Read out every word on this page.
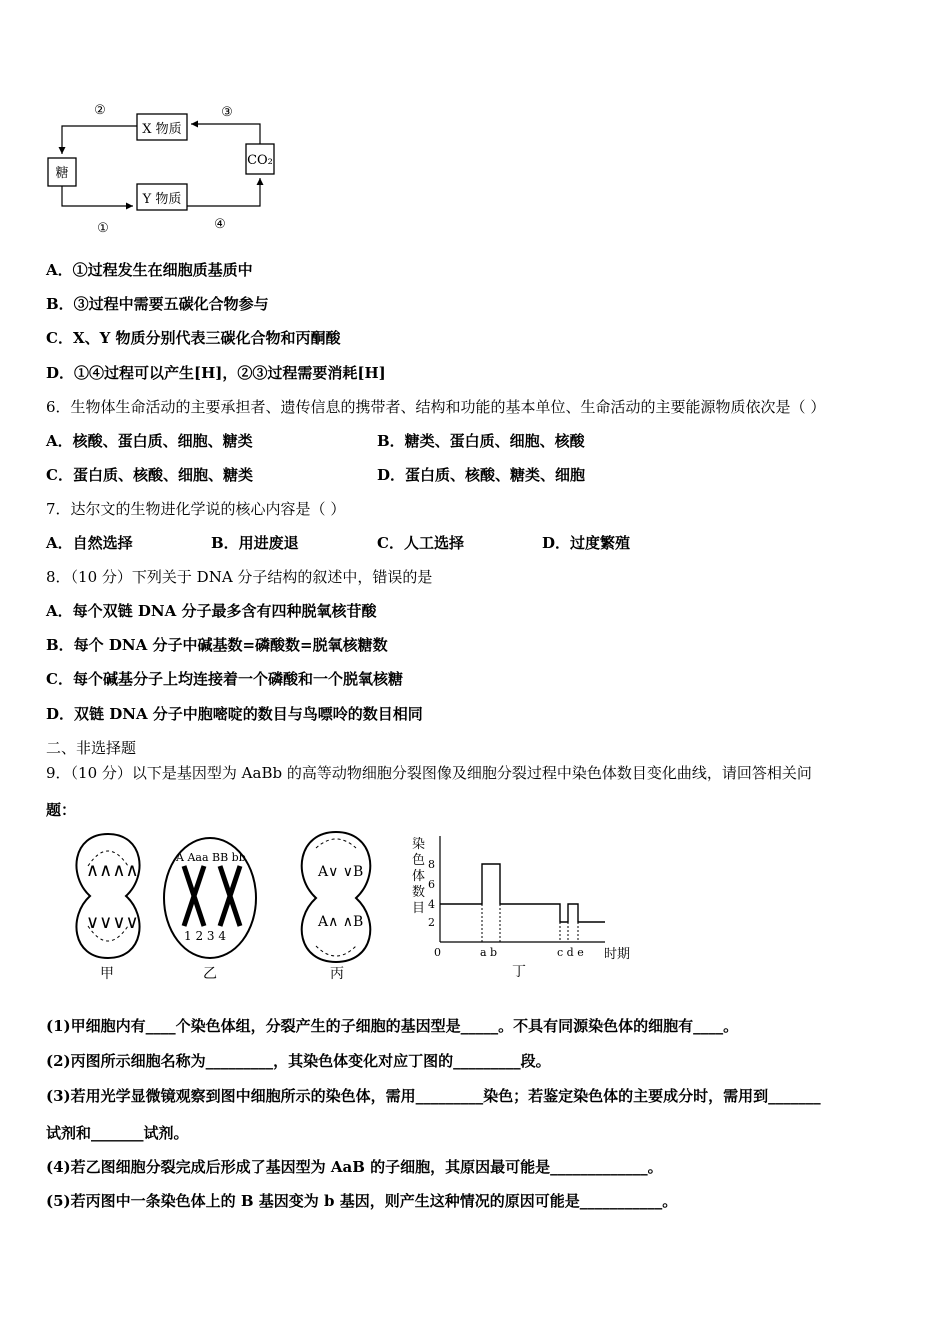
X 物质
糖
Y 物质
CO₂
②	③
①	④
A．①过程发生在细胞质基质中
B．③过程中需要五碳化合物参与
C．X、Y 物质分别代表三碳化合物和丙酮酸
D．①④过程可以产生[H]，②③过程需要消耗[H]
6．生物体生命活动的主要承担者、遗传信息的携带者、结构和功能的基本单位、生命活动的主要能源物质依次是（ ）
A．核酸、蛋白质、细胞、糖类	B．糖类、蛋白质、细胞、核酸
C．蛋白质、核酸、细胞、糖类	D．蛋白质、核酸、糖类、细胞
7．达尔文的生物进化学说的核心内容是（ ）
A．自然选择	B．用进废退	C．人工选择	D．过度繁殖
8．（10 分）下列关于 DNA 分子结构的叙述中，错误的是
A．每个双链 DNA 分子最多含有四种脱氧核苷酸
B．每个 DNA 分子中碱基数=磷酸数=脱氧核糖数
C．每个碱基分子上均连接着一个磷酸和一个脱氧核糖
D．双链 DNA 分子中胞嘧啶的数目与鸟嘌呤的数目相同
二、非选择题
9．（10 分）以下是基因型为 AaBb 的高等动物细胞分裂图像及细胞分裂过程中染色体数目变化曲线，请回答相关问
题：
∧∧∧∧
∨∨∨∨
甲
A Aaa BB bb
1 2 3 4
乙
A∨ ∨B
A∧ ∧B
丙
染 色 体 数 目
8
6
4
2
0	a b	c d e 时期
丁
(1)甲细胞内有____个染色体组，分裂产生的子细胞的基因型是_____。不具有同源染色体的细胞有____。
(2)丙图所示细胞名称为_________，其染色体变化对应丁图的_________段。
(3)若用光学显微镜观察到图中细胞所示的染色体，需用_________染色；若鉴定染色体的主要成分时，需用到_______
试剂和_______试剂。
(4)若乙图细胞分裂完成后形成了基因型为 AaB 的子细胞，其原因最可能是_____________。
(5)若丙图中一条染色体上的 B 基因变为 b 基因，则产生这种情况的原因可能是___________。
